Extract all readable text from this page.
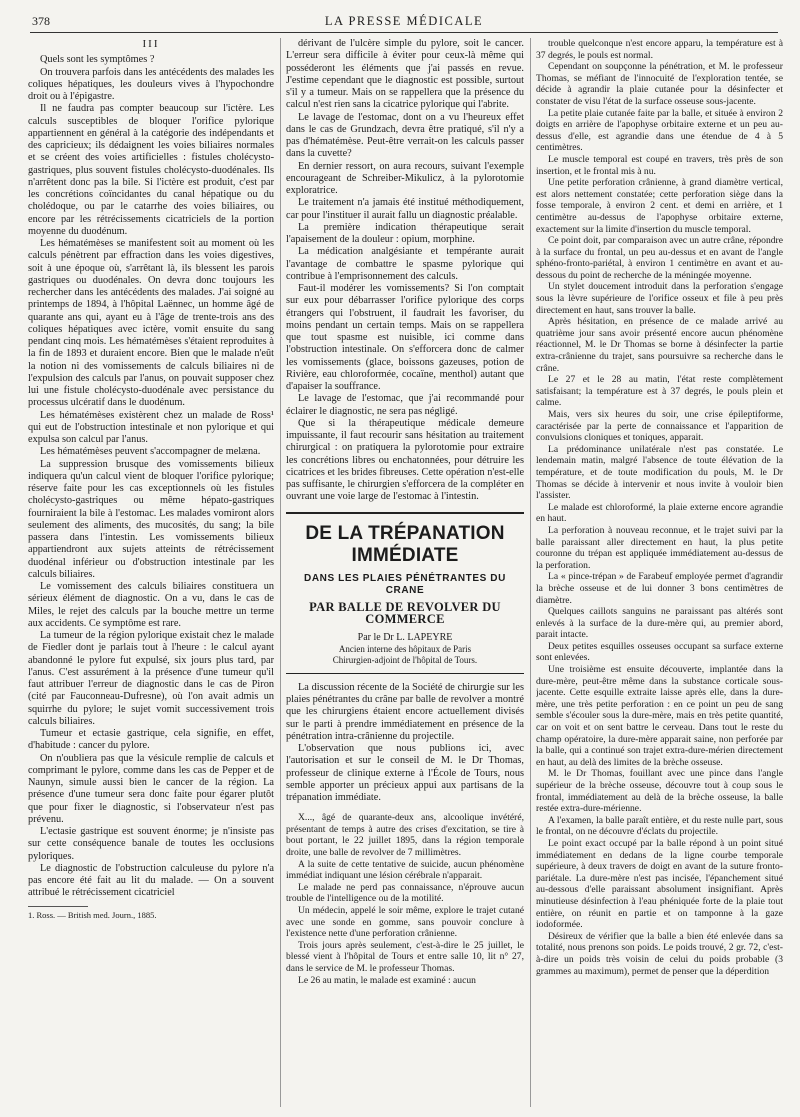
378	LA PRESSE MÉDICALE

III

Quels sont les symptômes ?

On trouvera parfois dans les antécédents des malades les coliques hépatiques, les douleurs vives à l'hypochondre droit ou à l'épigastre.

Il ne faudra pas compter beaucoup sur l'ictère. Les calculs susceptibles de bloquer l'orifice pylorique appartiennent en général à la catégorie des indépendants et des capricieux; ils dédaignent les voies biliaires normales et se créent des voies artificielles : fistules cholécysto-gastriques, plus souvent fistules cholécysto-duodénales. Ils n'arrêtent donc pas la bile. Si l'ictère est produit, c'est par les concrétions coïncidantes du canal hépatique ou du cholédoque, ou par le catarrhe des voies biliaires, ou encore par les rétrécissements cicatriciels de la portion moyenne du duodénum.

Les hématémèses se manifestent soit au moment où les calculs pénètrent par effraction dans les voies digestives, soit à une époque où, s'arrêtant là, ils blessent les parois gastriques ou duodénales. On devra donc toujours les rechercher dans les antécédents des malades. J'ai soigné au printemps de 1894, à l'hôpital Laënnec, un homme âgé de quarante ans qui, ayant eu à l'âge de trente-trois ans des coliques hépatiques avec ictère, vomit ensuite du sang pendant cinq mois. Les hématémèses s'étaient reproduites à la fin de 1893 et duraient encore. Bien que le malade n'eût la notion ni des vomissements de calculs biliaires ni de l'expulsion des calculs par l'anus, on pouvait supposer chez lui une fistule cholécysto-duodénale avec persistance du processus ulcératif dans le duodénum.

Les hématémèses existèrent chez un malade de Ross¹ qui eut de l'obstruction intestinale et non pylorique et qui expulsa son calcul par l'anus.

Les hématémèses peuvent s'accompagner de melæna.

La suppression brusque des vomissements bilieux indiquera qu'un calcul vient de bloquer l'orifice pylorique; réserve faite pour les cas exceptionnels où les fistules cholécysto-gastriques ou même hépato-gastriques fourniraient la bile à l'estomac. Les malades vomiront alors seulement des aliments, des mucosités, du sang; la bile passera dans l'intestin. Les vomissements bilieux appartiendront aux sujets atteints de rétrécissement duodénal inférieur ou d'obstruction intestinale par les calculs biliaires.

Le vomissement des calculs biliaires constituera un sérieux élément de diagnostic. On a vu, dans le cas de Miles, le rejet des calculs par la bouche mettre un terme aux accidents. Ce symptôme est rare.

La tumeur de la région pylorique existait chez le malade de Fiedler dont je parlais tout à l'heure : le calcul ayant abandonné le pylore fut expulsé, six jours plus tard, par l'anus. C'est assurément à la présence d'une tumeur qu'il faut attribuer l'erreur de diagnostic dans le cas de Piron (cité par Fauconneau-Dufresne), où l'on avait admis un squirrhe du pylore; le sujet vomit successivement trois calculs biliaires.

Tumeur et ectasie gastrique, cela signifie, en effet, d'habitude : cancer du pylore.

On n'oubliera pas que la vésicule remplie de calculs et comprimant le pylore, comme dans les cas de Pepper et de Naunyn, simule aussi bien le cancer de la région. La présence d'une tumeur sera donc faite pour égarer plutôt que pour fixer le diagnostic, si l'observateur n'est pas prévenu.

L'ectasie gastrique est souvent énorme; je n'insiste pas sur cette conséquence banale de toutes les occlusions pyloriques.

Le diagnostic de l'obstruction calculeuse du pylore n'a pas encore été fait au lit du malade. — On a souvent attribué le rétrécissement cicatriciel

1. Ross. — British med. Journ., 1885.

dérivant de l'ulcère simple du pylore, soit le cancer. L'erreur sera difficile à éviter pour ceux-là même qui posséderont les éléments que j'ai passés en revue. J'estime cependant que le diagnostic est possible, surtout s'il y a tumeur. Mais on se rappellera que la présence du calcul n'est rien sans la cicatrice pylorique qui l'abrite.

Le lavage de l'estomac, dont on a vu l'heureux effet dans le cas de Grundzach, devra être pratiqué, s'il n'y a pas d'hématémèse. Peut-être verrait-on les calculs passer dans la cuvette?

En dernier ressort, on aura recours, suivant l'exemple encourageant de Schreiber-Mikulicz, à la pylorotomie exploratrice.

Le traitement n'a jamais été institué méthodiquement, car pour l'instituer il aurait fallu un diagnostic préalable.

La première indication thérapeutique serait l'apaisement de la douleur : opium, morphine.

La médication analgésiante et tempérante aurait l'avantage de combattre le spasme pylorique qui contribue à l'emprisonnement des calculs.

Faut-il modérer les vomissements? Si l'on comptait sur eux pour débarrasser l'orifice pylorique des corps étrangers qui l'obstruent, il faudrait les favoriser, du moins pendant un certain temps. Mais on se rappellera que tout spasme est nuisible, ici comme dans l'obstruction intestinale. On s'efforcera donc de calmer les vomissements (glace, boissons gazeuses, potion de Rivière, eau chloroformée, cocaïne, menthol) autant que d'apaiser la souffrance.

Le lavage de l'estomac, que j'ai recommandé pour éclairer le diagnostic, ne sera pas négligé.

Que si la thérapeutique médicale demeure impuissante, il faut recourir sans hésitation au traitement chirurgical : on pratiquera la pylorotomie pour extraire les concrétions libres ou enchatonnées, pour détruire les cicatrices et les brides fibreuses. Cette opération n'est-elle pas suffisante, le chirurgien s'efforcera de la compléter en ouvrant une voie large de l'estomac à l'intestin.

DE LA TRÉPANATION IMMÉDIATE
DANS LES PLAIES PÉNÉTRANTES DU CRANE
PAR BALLE DE REVOLVER DU COMMERCE
Par le Dr L. LAPEYRE
Ancien interne des hôpitaux de Paris
Chirurgien-adjoint de l'hôpital de Tours.

La discussion récente de la Société de chirurgie sur les plaies pénétrantes du crâne par balle de revolver a montré que les chirurgiens étaient encore actuellement divisés sur le parti à prendre immédiatement en présence de la pénétration intra-crânienne du projectile.

L'observation que nous publions ici, avec l'autorisation et sur le conseil de M. le Dr Thomas, professeur de clinique externe à l'École de Tours, nous semble apporter un précieux appui aux partisans de la trépanation immédiate.

X..., âgé de quarante-deux ans, alcoolique invétéré, présentant de temps à autre des crises d'excitation, se tire à bout portant, le 22 juillet 1895, dans la région temporale droite, une balle de revolver de 7 millimètres.

A la suite de cette tentative de suicide, aucun phénomène immédiat indiquant une lésion cérébrale n'apparait.

Le malade ne perd pas connaissance, n'éprouve aucun trouble de l'intelligence ou de la motilité.

Un médecin, appelé le soir même, explore le trajet cutané avec une sonde en gomme, sans pouvoir conclure à l'existence nette d'une perforation crânienne.

Trois jours après seulement, c'est-à-dire le 25 juillet, le blessé vient à l'hôpital de Tours et entre salle 10, lit n° 27, dans le service de M. le professeur Thomas.

Le 26 au matin, le malade est examiné : aucun

trouble quelconque n'est encore apparu, la température est à 37 degrés, le pouls est normal.

Cependant on soupçonne la pénétration, et M. le professeur Thomas, se méfiant de l'innocuité de l'exploration tentée, se décide à agrandir la plaie cutanée pour la désinfecter et constater de visu l'état de la surface osseuse sous-jacente.

La petite plaie cutanée faite par la balle, et située à environ 2 doigts en arrière de l'apophyse orbitaire externe et un peu au-dessus d'elle, est agrandie dans une étendue de 4 à 5 centimètres.

Le muscle temporal est coupé en travers, très près de son insertion, et le frontal mis à nu.

Une petite perforation crânienne, à grand diamètre vertical, est alors nettement constatée; cette perforation siège dans la fosse temporale, à environ 2 cent. et demi en arrière, et 1 centimètre au-dessus de l'apophyse orbitaire externe, exactement sur la limite d'insertion du muscle temporal.

Ce point doit, par comparaison avec un autre crâne, répondre à la surface du frontal, un peu au-dessus et en avant de l'angle sphéno-fronto-pariétal, à environ 1 centimètre en avant et au-dessous du point de recherche de la méningée moyenne.

Un stylet doucement introduit dans la perforation s'engage sous la lèvre supérieure de l'orifice osseux et file à peu près directement en haut, sans trouver la balle.

Après hésitation, en présence de ce malade arrivé au quatrième jour sans avoir présenté encore aucun phénomène réactionnel, M. le Dr Thomas se borne à désinfecter la partie extra-crânienne du trajet, sans poursuivre sa recherche dans le crâne.

Le 27 et le 28 au matin, l'état reste complètement satisfaisant; la température est à 37 degrés, le pouls plein et calme.

Mais, vers six heures du soir, une crise épileptiforme, caractérisée par la perte de connaissance et l'apparition de convulsions cloniques et toniques, apparait.

La prédominance unilatérale n'est pas constatée. Le lendemain matin, malgré l'absence de toute élévation de la température, et de toute modification du pouls, M. le Dr Thomas se décide à intervenir et nous invite à vouloir bien l'assister.

Le malade est chloroformé, la plaie externe encore agrandie en haut.

La perforation à nouveau reconnue, et le trajet suivi par la balle paraissant aller directement en haut, la plus petite couronne du trépan est appliquée immédiatement au-dessus de la perforation.

La « pince-trépan » de Farabeuf employée permet d'agrandir la brèche osseuse et de lui donner 3 bons centimètres de diamètre.

Quelques caillots sanguins ne paraissant pas altérés sont enlevés à la surface de la dure-mère qui, au premier abord, parait intacte.

Deux petites esquilles osseuses occupant sa surface externe sont enlevées.

Une troisième est ensuite découverte, implantée dans la dure-mère, peut-être même dans la substance corticale sous-jacente. Cette esquille extraite laisse après elle, dans la dure-mère, une très petite perforation : en ce point un peu de sang semble s'écouler sous la dure-mère, mais en très petite quantité, car on voit et on sent battre le cerveau. Dans tout le reste du champ opératoire, la dure-mère apparait saine, non perforée par la balle, qui a continué son trajet extra-dure-mérien directement en haut, au delà des limites de la brèche osseuse.

M. le Dr Thomas, fouillant avec une pince dans l'angle supérieur de la brèche osseuse, découvre tout à coup sous le frontal, immédiatement au delà de la brèche osseuse, la balle restée extra-dure-mérienne.

A l'examen, la balle paraît entière, et du reste nulle part, sous le frontal, on ne découvre d'éclats du projectile.

Le point exact occupé par la balle répond à un point situé immédiatement en dedans de la ligne courbe temporale supérieure, à deux travers de doigt en avant de la suture fronto-pariétale. La dure-mère n'est pas incisée, l'épanchement situé au-dessous d'elle paraissant absolument insignifiant. Après minutieuse désinfection à l'eau phéniquée forte de la plaie tout entière, on réunit en partie et on tamponne à la gaze iodoformée.

Désireux de vérifier que la balle a bien été enlevée dans sa totalité, nous prenons son poids. Le poids trouvé, 2 gr. 72, c'est-à-dire un poids très voisin de celui du poids probable (3 grammes au maximum), permet de penser que la déperdition
